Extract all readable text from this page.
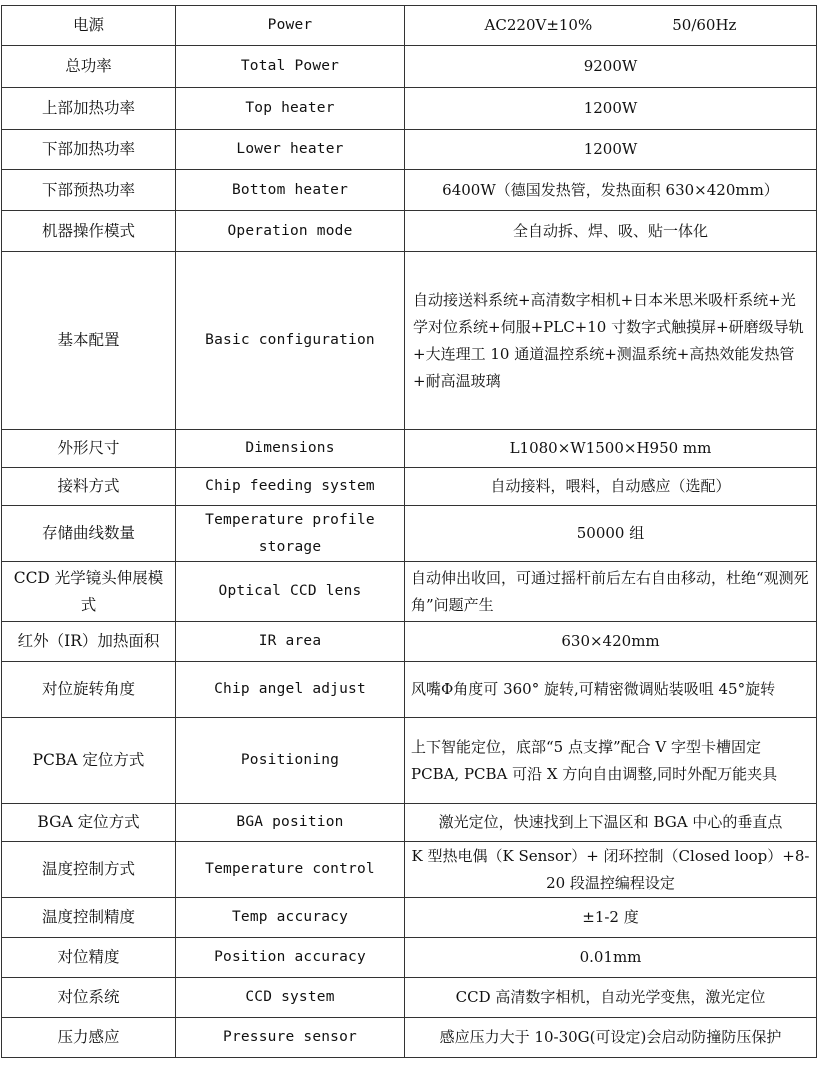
电源	Power	AC220V±10% 50/60Hz
总功率	Total Power	9200W
上部加热功率	Top heater	1200W
下部加热功率	Lower heater	1200W
下部预热功率	Bottom heater	6400W（德国发热管，发热面积 630×420mm）
机器操作模式	Operation mode	全自动拆、焊、吸、贴一体化
基本配置	Basic configuration	自动接送料系统+高清数字相机+日本米思米吸杆系统+光学对位系统+伺服+PLC+10 寸数字式触摸屏+研磨级导轨+大连理工 10 通道温控系统+测温系统+高热效能发热管+耐高温玻璃
外形尺寸	Dimensions	L1080×W1500×H950 mm
接料方式	Chip feeding system	自动接料，喂料，自动感应（选配）
存储曲线数量	Temperature profile storage	50000 组
CCD 光学镜头伸展模式	Optical CCD lens	自动伸出收回，可通过摇杆前后左右自由移动，杜绝“观测死角”问题产生
红外（IR）加热面积	IR area	630×420mm
对位旋转角度	Chip angel adjust	风嘴Φ角度可 360° 旋转,可精密微调贴装吸咀 45°旋转
PCBA 定位方式	Positioning	上下智能定位，底部“5 点支撑”配合 V 字型卡槽固定 PCBA, PCBA 可沿 X 方向自由调整,同时外配万能夹具
BGA 定位方式	BGA position	激光定位，快速找到上下温区和 BGA 中心的垂直点
温度控制方式	Temperature control	K 型热电偶（K Sensor）+ 闭环控制（Closed loop）+8-20 段温控编程设定
温度控制精度	Temp accuracy	±1-2 度
对位精度	Position accuracy	0.01mm
对位系统	CCD system	CCD 高清数字相机，自动光学变焦，激光定位
压力感应	Pressure sensor	感应压力大于 10-30G(可设定)会启动防撞防压保护
